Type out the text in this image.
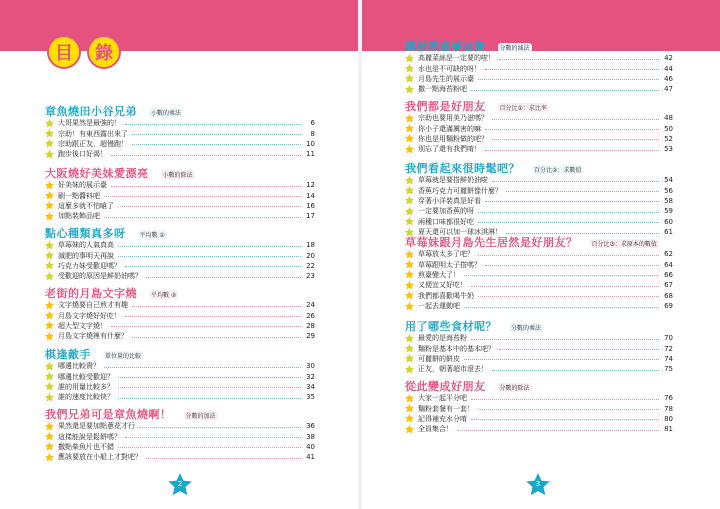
目	錄
章魚燒田小谷兄弟	小數的乘法
大哥果然是最強的！	6
宗助！有東西露出來了	8
宗助跟正友，超慢跑！	10
跑步後口好渴！	11
大阪燒好美妹愛漂亮	小數的除法
好美妹的展示臺	12
刷一點醬料吧	14
這麼多就不怕嗆了	16
加點裝飾品吧	17
點心種類真多呀	平均數 ①
草莓妹的人氣真高	18
減肥的事明天再說	20
巧克力妹受歡迎嗎？	22
受歡迎的原因是鮮奶油嗎？	23
老街的月島文字燒	平均數 ②
文字燒要自己煎才有趣	24
月島文字燒好好吃！	26
超大型文字燒！	28
月島文字燒裡有什麼？	29
棋逢敵手	單位量的比較
哪邊比較貴？	30
哪邊比較受歡迎？	32
誰的用量比較多？	34
誰的速度比較快？	35
我們兄弟可是章魚燒啊！	分數的加法
果然還是要加點蔥花才行	36
這樣能說是鬆餅嗎？	38
撒點柴魚片也不錯	40
應該要放在小船上才對吧？	41
鐵板煎臺爭冠賽	分數的減法
高麗菜絲是一定要的啦！	42
水也是不可缺的呀！	44
月島先生的展示臺	46
撒一點海苔粉吧	47
我們都是好朋友	百分比①：求比率
宗助也要用美乃滋嗎？	48
你小子還滿厲害的嘛	50
你也是用麵粉做的吧？	52
別忘了還有我們唷！	53
我們看起來很時髦吧？	百分比②：求數值
草莓就是要搭鮮奶油啦	54
香蕉巧克力可麗餅像什麼？	56
穿著小洋裝真是好看	58
一定要加香蕉的呀	59
兩種口味都很好吃	60
夏天還可以加一球冰淇淋！	61
草莓妹跟月島先生居然是好朋友？	百分比③：求原本的數值
草莓放太多了吧？	62
草莓跟明太子搭嗎？	64
煎臺變大了！	66
又便宜又好吃！	67
我們都喜歡喝牛奶	68
一起去運動吧	69
用了哪些食材呢？	分數的乘法
最愛的是海苔粉	70
麵粉是基本中的基本吧？	72
可麗餅的餅皮	74
正友，朝著超市滾去！	75
從此變成好朋友	分數的除法
大家一起平分吧	76
麵粉套餐有一套！	78
記得補充水分唷	80
全員集合！	81
2	3
